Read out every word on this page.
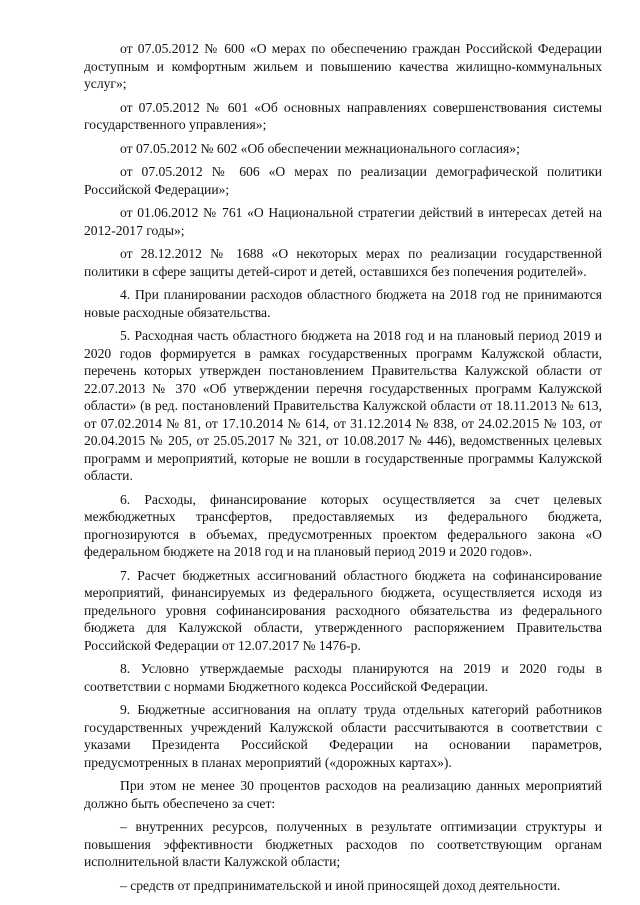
от 07.05.2012 № 600 «О мерах по обеспечению граждан Российской Федерации доступным и комфортным жильем и повышению качества жилищно-коммунальных услуг»;

от 07.05.2012 № 601 «Об основных направлениях совершенствования системы государственного управления»;

от 07.05.2012 № 602 «Об обеспечении межнационального согласия»;

от 07.05.2012 № 606 «О мерах по реализации демографической политики Российской Федерации»;

от 01.06.2012 № 761 «О Национальной стратегии действий в интересах детей на 2012-2017 годы»;

от 28.12.2012 № 1688 «О некоторых мерах по реализации государственной политики в сфере защиты детей-сирот и детей, оставшихся без попечения родителей».

4. При планировании расходов областного бюджета на 2018 год не принимаются новые расходные обязательства.

5. Расходная часть областного бюджета на 2018 год и на плановый период 2019 и 2020 годов формируется в рамках государственных программ Калужской области, перечень которых утвержден постановлением Правительства Калужской области от 22.07.2013 № 370 «Об утверждении перечня государственных программ Калужской области» (в ред. постановлений Правительства Калужской области от 18.11.2013 № 613, от 07.02.2014 № 81, от 17.10.2014 № 614, от 31.12.2014 № 838, от 24.02.2015 № 103, от 20.04.2015 № 205, от 25.05.2017 № 321, от 10.08.2017 № 446), ведомственных целевых программ и мероприятий, которые не вошли в государственные программы Калужской области.

6. Расходы, финансирование которых осуществляется за счет целевых межбюджетных трансфертов, предоставляемых из федерального бюджета, прогнозируются в объемах, предусмотренных проектом федерального закона «О федеральном бюджете на 2018 год и на плановый период 2019 и 2020 годов».

7. Расчет бюджетных ассигнований областного бюджета на софинансирование мероприятий, финансируемых из федерального бюджета, осуществляется исходя из предельного уровня софинансирования расходного обязательства из федерального бюджета для Калужской области, утвержденного распоряжением Правительства Российской Федерации от 12.07.2017 № 1476-р.

8. Условно утверждаемые расходы планируются на 2019 и 2020 годы в соответствии с нормами Бюджетного кодекса Российской Федерации.

9. Бюджетные ассигнования на оплату труда отдельных категорий работников государственных учреждений Калужской области рассчитываются в соответствии с указами Президента Российской Федерации на основании параметров, предусмотренных в планах мероприятий («дорожных картах»).

При этом не менее 30 процентов расходов на реализацию данных мероприятий должно быть обеспечено за счет:

– внутренних ресурсов, полученных в результате оптимизации структуры и повышения эффективности бюджетных расходов по соответствующим органам исполнительной власти Калужской области;

– средств от предпринимательской и иной приносящей доход деятельности.
